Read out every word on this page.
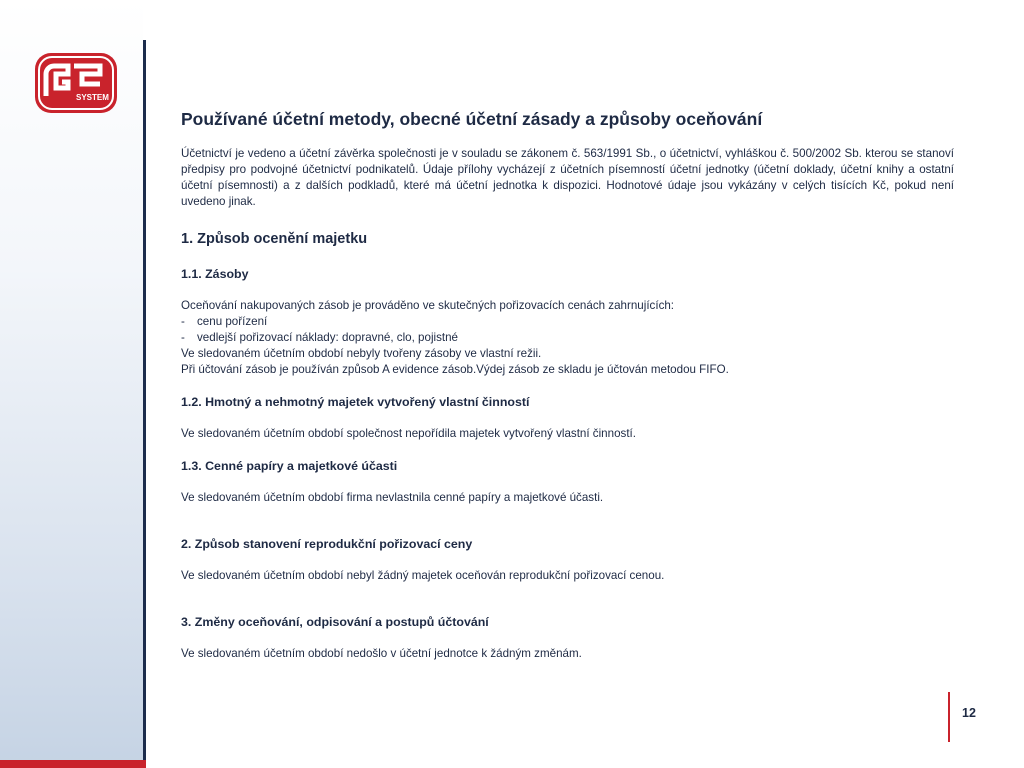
SYSTEM
Používané účetní metody, obecné účetní zásady a způsoby oceňování

Účetnictví je vedeno a účetní závěrka společnosti je v souladu se zákonem č. 563/1991 Sb., o účetnictví, vyhláškou č. 500/2002 Sb. kterou se stanoví předpisy pro podvojné účetnictví podnikatelů. Údaje přílohy vycházejí z účetních písemností účetní jednotky (účetní doklady, účetní knihy a ostatní účetní písemnosti) a z dalších podkladů, které má účetní jednotka k dispozici. Hodnotové údaje jsou vykázány v celých tisících Kč, pokud není uvedeno jinak.

1. Způsob ocenění majetku
1.1. Zásoby

Oceňování nakupovaných zásob je prováděno ve skutečných pořizovacích cenách zahrnujících:

- cenu pořízení

- vedlejší pořizovací náklady: dopravné, clo, pojistné

Ve sledovaném účetním období nebyly tvořeny zásoby ve vlastní režii.

Při účtování zásob je používán způsob A evidence zásob.Výdej zásob ze skladu je účtován metodou FIFO.

1.2. Hmotný a nehmotný majetek vytvořený vlastní činností

Ve sledovaném účetním období společnost nepořídila majetek vytvořený vlastní činností.

1.3. Cenné papíry a majetkové účasti

Ve sledovaném účetním období firma nevlastnila cenné papíry a majetkové účasti.

2. Způsob stanovení reprodukční pořizovací ceny

Ve sledovaném účetním období nebyl žádný majetek oceňován reprodukční pořizovací cenou.

3. Změny oceňování, odpisování a postupů účtování

Ve sledovaném účetním období nedošlo v účetní jednotce k žádným změnám.

12
